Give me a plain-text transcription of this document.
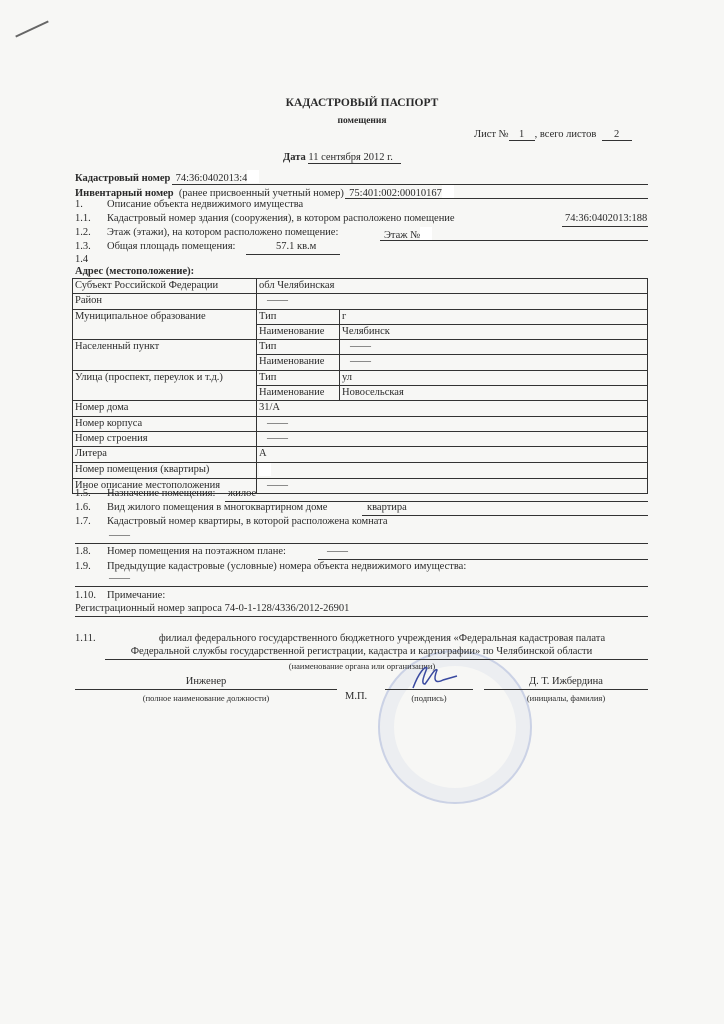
КАДАСТРОВЫЙ ПАСПОРТ
помещения
Лист № 1 , всего листов 2
Дата 11 сентября 2012 г.
Кадастровый номер 74:36:0402013:4
Инвентарный номер (ранее присвоенный учетный номер) 75:401:002:00010167
1. Описание объекта недвижимого имущества
1.1. Кадастровый номер здания (сооружения), в котором расположено помещение	74:36:0402013:188
1.2. Этаж (этажи), на котором расположено помещение:	Этаж №
1.3. Общая площадь помещения:	57.1 кв.м
1.4
Адрес (местоположение):
Субъект Российской Федерации	обл Челябинская	
Район	——	
Муниципальное образование	Тип	г
	Наименование	Челябинск
Населенный пункт	Тип	——
	Наименование	——
Улица (проспект, переулок и т.д.)	Тип	ул
	Наименование	Новосельская
Номер дома	31/А	
Номер корпуса	——	
Номер строения	——	
Литера	А	
Номер помещения (квартиры)		
Иное описание местоположения	——	
1.5. Назначение помещения: жилое
1.6. Вид жилого помещения в многоквартирном доме	квартира
1.7. Кадастровый номер квартиры, в которой расположена комната
——
1.8. Номер помещения на поэтажном плане:	——
1.9. Предыдущие кадастровые (условные) номера объекта недвижимого имущества:
——
1.10. Примечание:
Регистрационный номер запроса 74-0-1-128/4336/2012-26901
1.11.	филиал федерального государственного бюджетного учреждения «Федеральная кадастровая палата
Федеральной службы государственной регистрации, кадастра и картографии» по Челябинской области
(наименование органа или организации)
Инженер
(полное наименование должности)	М.П.	(подпись)
Д. Т. Ижбердина
(инициалы, фамилия)
